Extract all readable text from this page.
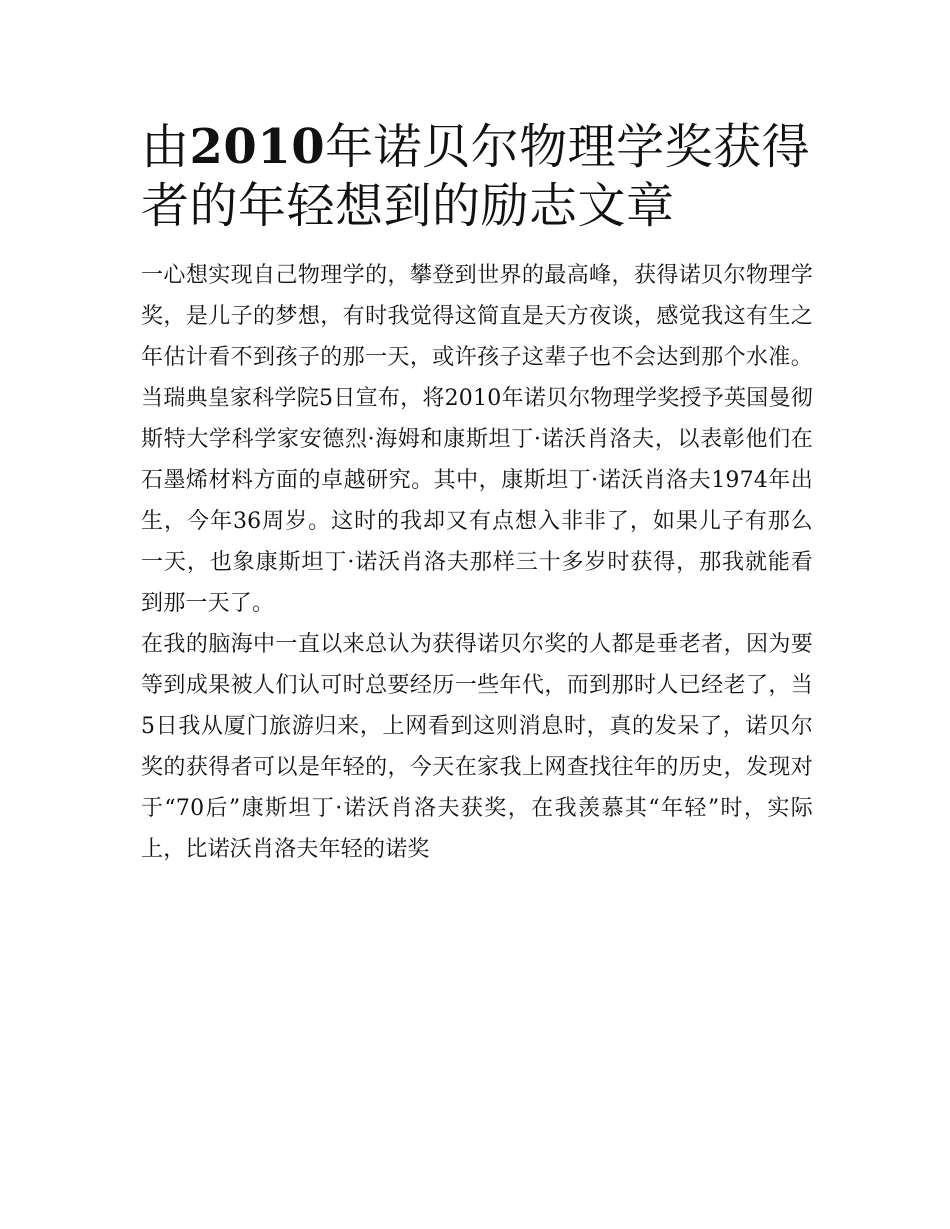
由2010年诺贝尔物理学奖获得者的年轻想到的励志文章

一心想实现自己物理学的，攀登到世界的最高峰，获得诺贝尔物理学奖，是儿子的梦想，有时我觉得这简直是天方夜谈，感觉我这有生之年估计看不到孩子的那一天，或许孩子这辈子也不会达到那个水准。当瑞典皇家科学院5日宣布，将2010年诺贝尔物理学奖授予英国曼彻斯特大学科学家安德烈·海姆和康斯坦丁·诺沃肖洛夫，以表彰他们在石墨烯材料方面的卓越研究。其中，康斯坦丁·诺沃肖洛夫1974年出生，今年36周岁。这时的我却又有点想入非非了，如果儿子有那么一天，也象康斯坦丁·诺沃肖洛夫那样三十多岁时获得，那我就能看到那一天了。

在我的脑海中一直以来总认为获得诺贝尔奖的人都是垂老者，因为要等到成果被人们认可时总要经历一些年代，而到那时人已经老了，当5日我从厦门旅游归来，上网看到这则消息时，真的发呆了，诺贝尔奖的获得者可以是年轻的，今天在家我上网查找往年的历史，发现对于“70后”康斯坦丁·诺沃肖洛夫获奖，在我羡慕其“年轻”时，实际上，比诺沃肖洛夫年轻的诺奖
